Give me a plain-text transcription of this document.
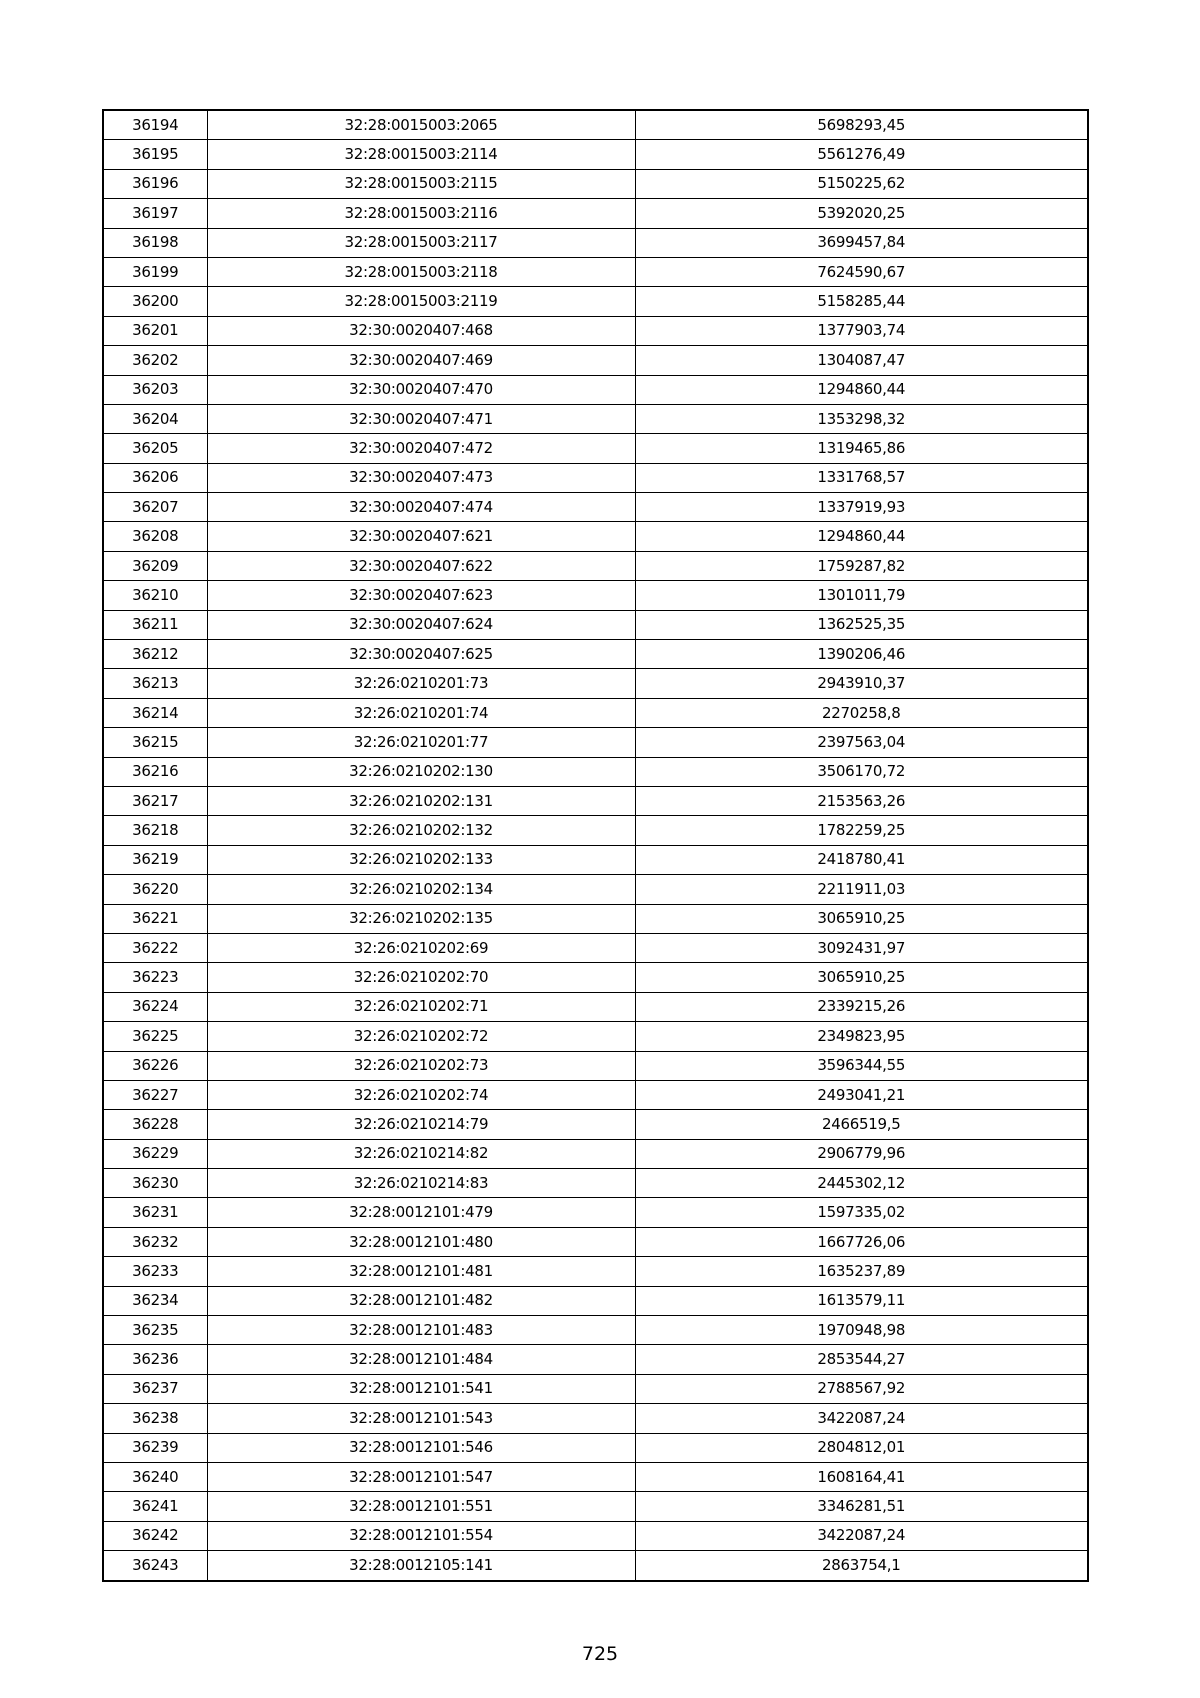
36194	32:28:0015003:2065	5698293,45
36195	32:28:0015003:2114	5561276,49
36196	32:28:0015003:2115	5150225,62
36197	32:28:0015003:2116	5392020,25
36198	32:28:0015003:2117	3699457,84
36199	32:28:0015003:2118	7624590,67
36200	32:28:0015003:2119	5158285,44
36201	32:30:0020407:468	1377903,74
36202	32:30:0020407:469	1304087,47
36203	32:30:0020407:470	1294860,44
36204	32:30:0020407:471	1353298,32
36205	32:30:0020407:472	1319465,86
36206	32:30:0020407:473	1331768,57
36207	32:30:0020407:474	1337919,93
36208	32:30:0020407:621	1294860,44
36209	32:30:0020407:622	1759287,82
36210	32:30:0020407:623	1301011,79
36211	32:30:0020407:624	1362525,35
36212	32:30:0020407:625	1390206,46
36213	32:26:0210201:73	2943910,37
36214	32:26:0210201:74	2270258,8
36215	32:26:0210201:77	2397563,04
36216	32:26:0210202:130	3506170,72
36217	32:26:0210202:131	2153563,26
36218	32:26:0210202:132	1782259,25
36219	32:26:0210202:133	2418780,41
36220	32:26:0210202:134	2211911,03
36221	32:26:0210202:135	3065910,25
36222	32:26:0210202:69	3092431,97
36223	32:26:0210202:70	3065910,25
36224	32:26:0210202:71	2339215,26
36225	32:26:0210202:72	2349823,95
36226	32:26:0210202:73	3596344,55
36227	32:26:0210202:74	2493041,21
36228	32:26:0210214:79	2466519,5
36229	32:26:0210214:82	2906779,96
36230	32:26:0210214:83	2445302,12
36231	32:28:0012101:479	1597335,02
36232	32:28:0012101:480	1667726,06
36233	32:28:0012101:481	1635237,89
36234	32:28:0012101:482	1613579,11
36235	32:28:0012101:483	1970948,98
36236	32:28:0012101:484	2853544,27
36237	32:28:0012101:541	2788567,92
36238	32:28:0012101:543	3422087,24
36239	32:28:0012101:546	2804812,01
36240	32:28:0012101:547	1608164,41
36241	32:28:0012101:551	3346281,51
36242	32:28:0012101:554	3422087,24
36243	32:28:0012105:141	2863754,1
725
